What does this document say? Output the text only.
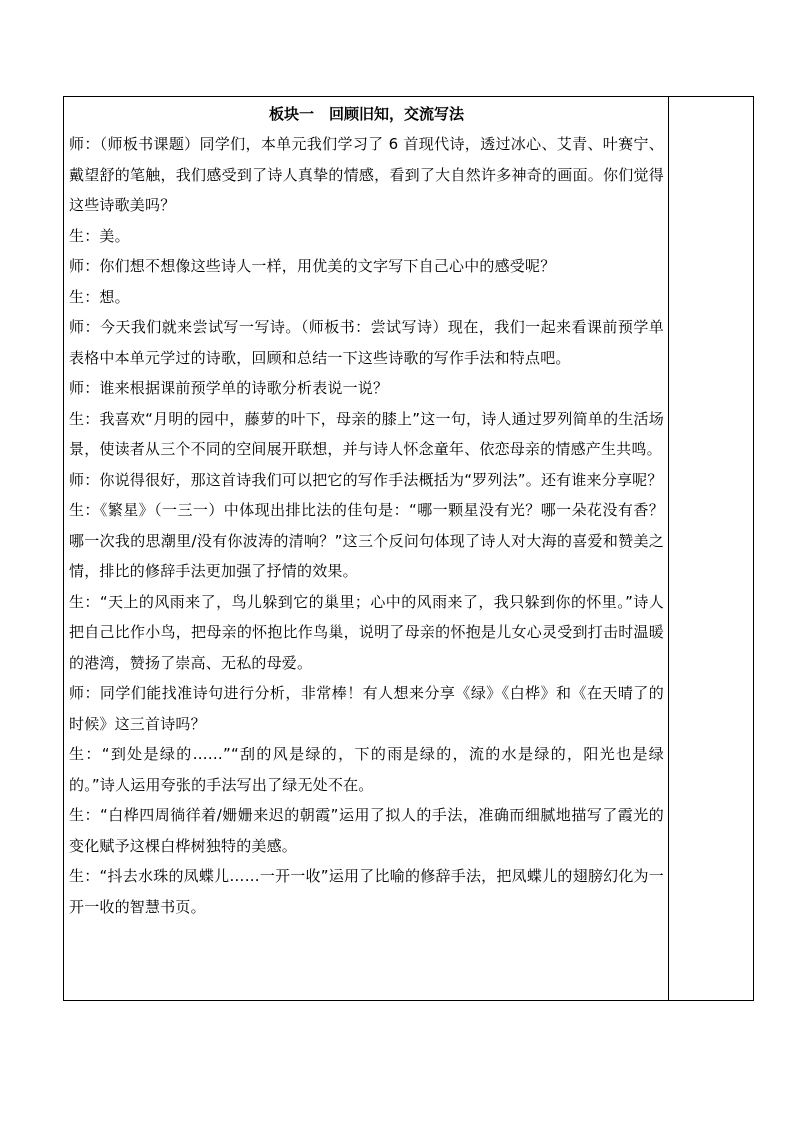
板块一　回顾旧知，交流写法

师：（师板书课题）同学们，本单元我们学习了 6 首现代诗，透过冰心、艾青、叶赛宁、戴望舒的笔触，我们感受到了诗人真挚的情感，看到了大自然许多神奇的画面。你们觉得这些诗歌美吗？

生：美。

师：你们想不想像这些诗人一样，用优美的文字写下自己心中的感受呢？

生：想。

师：今天我们就来尝试写一写诗。（师板书：尝试写诗）现在，我们一起来看课前预学单表格中本单元学过的诗歌，回顾和总结一下这些诗歌的写作手法和特点吧。

师：谁来根据课前预学单的诗歌分析表说一说？

生：我喜欢“月明的园中，藤萝的叶下，母亲的膝上”这一句，诗人通过罗列简单的生活场景，使读者从三个不同的空间展开联想，并与诗人怀念童年、依恋母亲的情感产生共鸣。

师：你说得很好，那这首诗我们可以把它的写作手法概括为“罗列法”。还有谁来分享呢？

生：《繁星》（一三一）中体现出排比法的佳句是：“哪一颗星没有光？哪一朵花没有香？哪一次我的思潮里/没有你波涛的清响？”这三个反问句体现了诗人对大海的喜爱和赞美之情，排比的修辞手法更加强了抒情的效果。

生：“天上的风雨来了，鸟儿躲到它的巢里；心中的风雨来了，我只躲到你的怀里。”诗人把自己比作小鸟，把母亲的怀抱比作鸟巢，说明了母亲的怀抱是儿女心灵受到打击时温暖的港湾，赞扬了崇高、无私的母爱。

师：同学们能找准诗句进行分析，非常棒！有人想来分享《绿》《白桦》和《在天晴了的时候》这三首诗吗？

生：“到处是绿的……”“刮的风是绿的，下的雨是绿的，流的水是绿的，阳光也是绿的。”诗人运用夸张的手法写出了绿无处不在。

生：“白桦四周徜徉着/姗姗来迟的朝霞”运用了拟人的手法，准确而细腻地描写了霞光的变化赋予这棵白桦树独特的美感。

生：“抖去水珠的凤蝶儿……一开一收”运用了比喻的修辞手法，把凤蝶儿的翅膀幻化为一开一收的智慧书页。
